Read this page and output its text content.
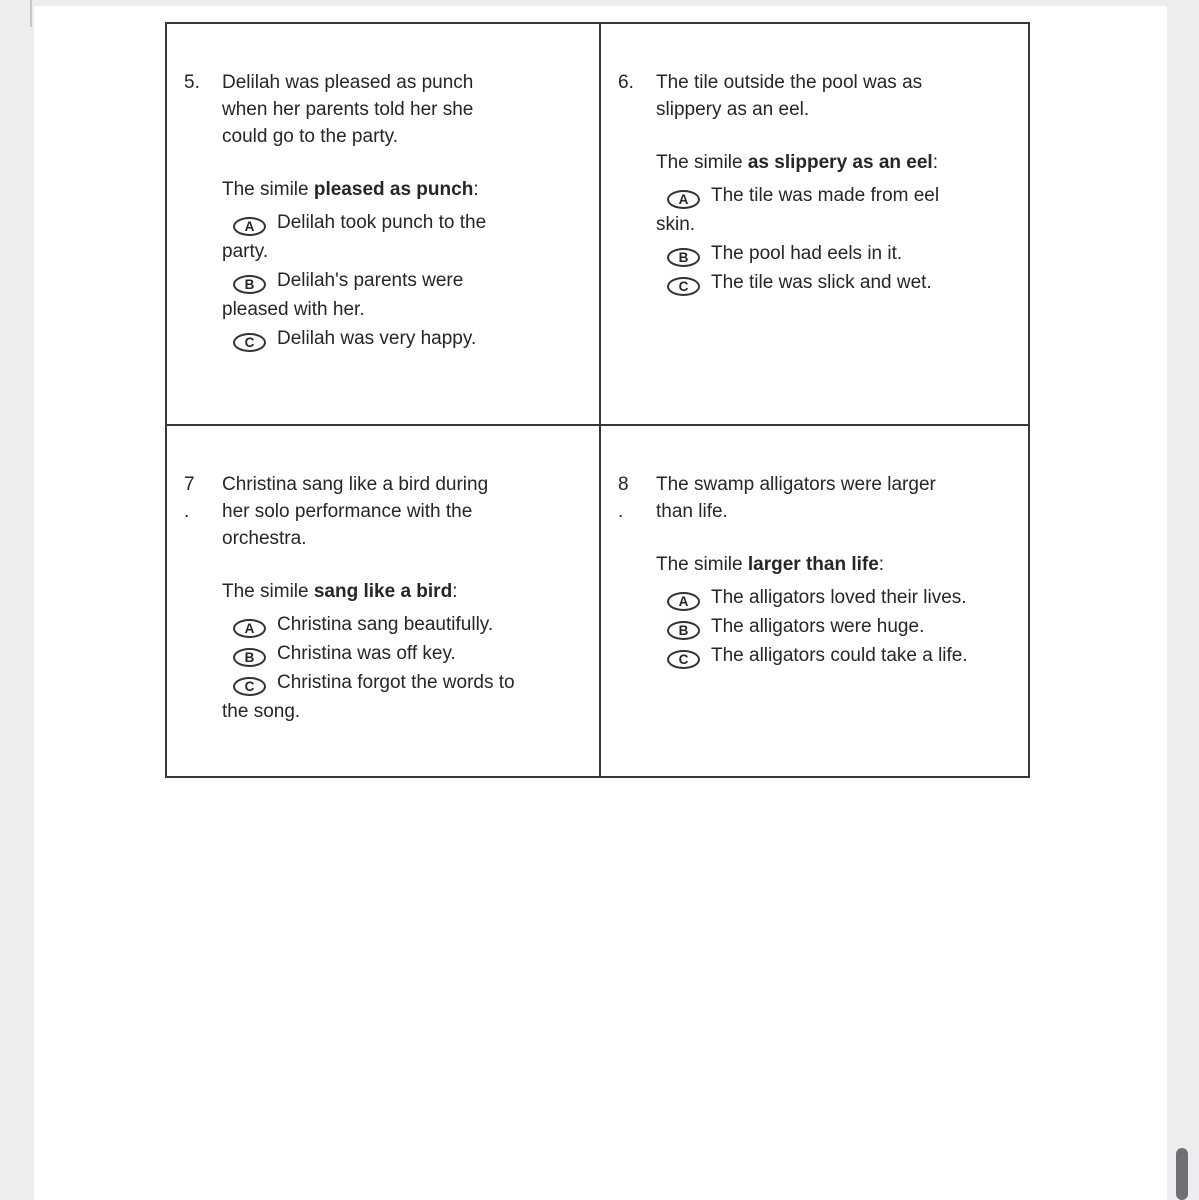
5.	Delilah was pleased as punch when her parents told her she could go to the party.
The simile pleased as punch:
A Delilah took punch to the party.
B Delilah's parents were pleased with her.
C Delilah was very happy.
6.	The tile outside the pool was as slippery as an eel.
The simile as slippery as an eel:
A The tile was made from eel skin.
B The pool had eels in it.
C The tile was slick and wet.
7
.
Christina sang like a bird during her solo performance with the orchestra.
The simile sang like a bird:
A Christina sang beautifully.
B Christina was off key.
C Christina forgot the words to the song.
8
.
The swamp alligators were larger than life.
The simile larger than life:
A The alligators loved their lives.
B The alligators were huge.
C The alligators could take a life.
